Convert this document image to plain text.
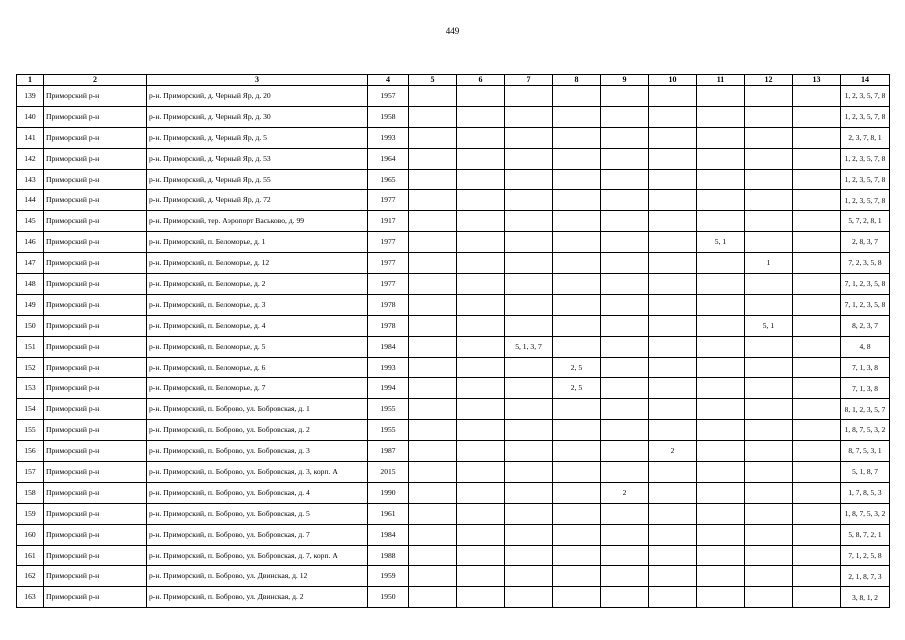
449
1	2	3	4	5	6	7	8	9	10	11	12	13	14
139	Приморский р-н	р-н. Приморский, д. Черный Яр, д. 20	1957										1, 2, 3, 5, 7, 8
140	Приморский р-н	р-н. Приморский, д. Черный Яр, д. 30	1958										1, 2, 3, 5, 7, 8
141	Приморский р-н	р-н. Приморский, д. Черный Яр, д. 5	1993										2, 3, 7, 8, 1
142	Приморский р-н	р-н. Приморский, д. Черный Яр, д. 53	1964										1, 2, 3, 5, 7, 8
143	Приморский р-н	р-н. Приморский, д. Черный Яр, д. 55	1965										1, 2, 3, 5, 7, 8
144	Приморский р-н	р-н. Приморский, д. Черный Яр, д. 72	1977										1, 2, 3, 5, 7, 8
145	Приморский р-н	р-н. Приморский, тер. Аэропорт Васьково, д. 99	1917										5, 7, 2, 8, 1
146	Приморский р-н	р-н. Приморский, п. Беломорье, д. 1	1977							5, 1			2, 8, 3, 7
147	Приморский р-н	р-н. Приморский, п. Беломорье, д. 12	1977								1		7, 2, 3, 5, 8
148	Приморский р-н	р-н. Приморский, п. Беломорье, д. 2	1977										7, 1, 2, 3, 5, 8
149	Приморский р-н	р-н. Приморский, п. Беломорье, д. 3	1978										7, 1, 2, 3, 5, 8
150	Приморский р-н	р-н. Приморский, п. Беломорье, д. 4	1978								5, 1		8, 2, 3, 7
151	Приморский р-н	р-н. Приморский, п. Беломорье, д. 5	1984			5, 1, 3, 7							4, 8
152	Приморский р-н	р-н. Приморский, п. Беломорье, д. 6	1993				2, 5						7, 1, 3, 8
153	Приморский р-н	р-н. Приморский, п. Беломорье, д. 7	1994				2, 5						7, 1, 3, 8
154	Приморский р-н	р-н. Приморский, п. Боброво, ул. Бобровская, д. 1	1955										8, 1, 2, 3, 5, 7
155	Приморский р-н	р-н. Приморский, п. Боброво, ул. Бобровская, д. 2	1955										1, 8, 7, 5, 3, 2
156	Приморский р-н	р-н. Приморский, п. Боброво, ул. Бобровская, д. 3	1987						2				8, 7, 5, 3, 1
157	Приморский р-н	р-н. Приморский, п. Боброво, ул. Бобровская, д. 3, корп. А	2015										5, 1, 8, 7
158	Приморский р-н	р-н. Приморский, п. Боброво, ул. Бобровская, д. 4	1990					2					1, 7, 8, 5, 3
159	Приморский р-н	р-н. Приморский, п. Боброво, ул. Бобровская, д. 5	1961										1, 8, 7, 5, 3, 2
160	Приморский р-н	р-н. Приморский, п. Боброво, ул. Бобровская, д. 7	1984										5, 8, 7, 2, 1
161	Приморский р-н	р-н. Приморский, п. Боброво, ул. Бобровская, д. 7, корп. А	1988										7, 1, 2, 5, 8
162	Приморский р-н	р-н. Приморский, п. Боброво, ул. Двинская, д. 12	1959										2, 1, 8, 7, 3
163	Приморский р-н	р-н. Приморский, п. Боброво, ул. Двинская, д. 2	1950										3, 8, 1, 2
